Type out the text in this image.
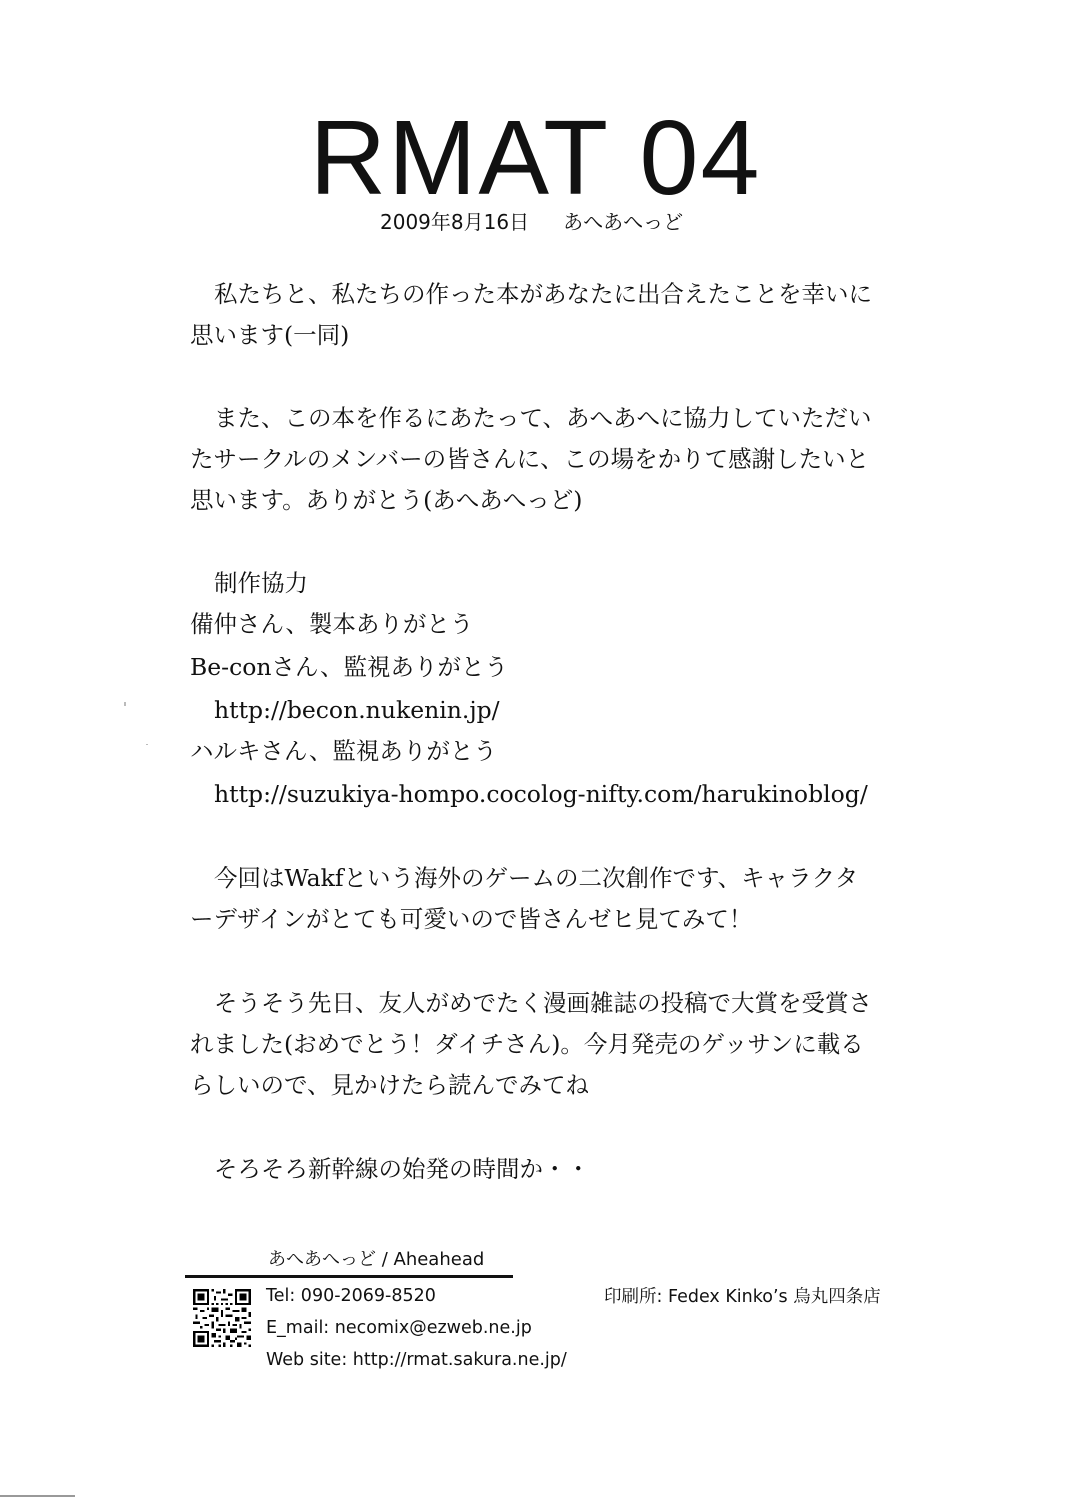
RMAT 04
2009年8月16日 あへあへっど
私たちと、私たちの作った本があなたに出合えたことを幸いに
思います(一同)
また、この本を作るにあたって、あへあへに協力していただい
たサークルのメンバーの皆さんに、この場をかりて感謝したいと
思います。ありがとう(あへあへっど)
制作協力
備仲さん、製本ありがとう
Be-conさん、監視ありがとう
http://becon.nukenin.jp/
ハルキさん、監視ありがとう
http://suzukiya-hompo.cocolog-nifty.com/harukinoblog/
今回はWakfという海外のゲームの二次創作です、キャラクタ
ーデザインがとても可愛いので皆さんゼヒ見てみて！
そうそう先日、友人がめでたく漫画雑誌の投稿で大賞を受賞さ
れました(おめでとう！ダイチさん)。今月発売のゲッサンに載る
らしいので、見かけたら読んでみてね
そろそろ新幹線の始発の時間か・・
あへあへっど / Aheahead
Tel: 090-2069-8520
E_mail: necomix@ezweb.ne.jp
Web site: http://rmat.sakura.ne.jp/
印刷所: Fedex Kinko’s 烏丸四条店
